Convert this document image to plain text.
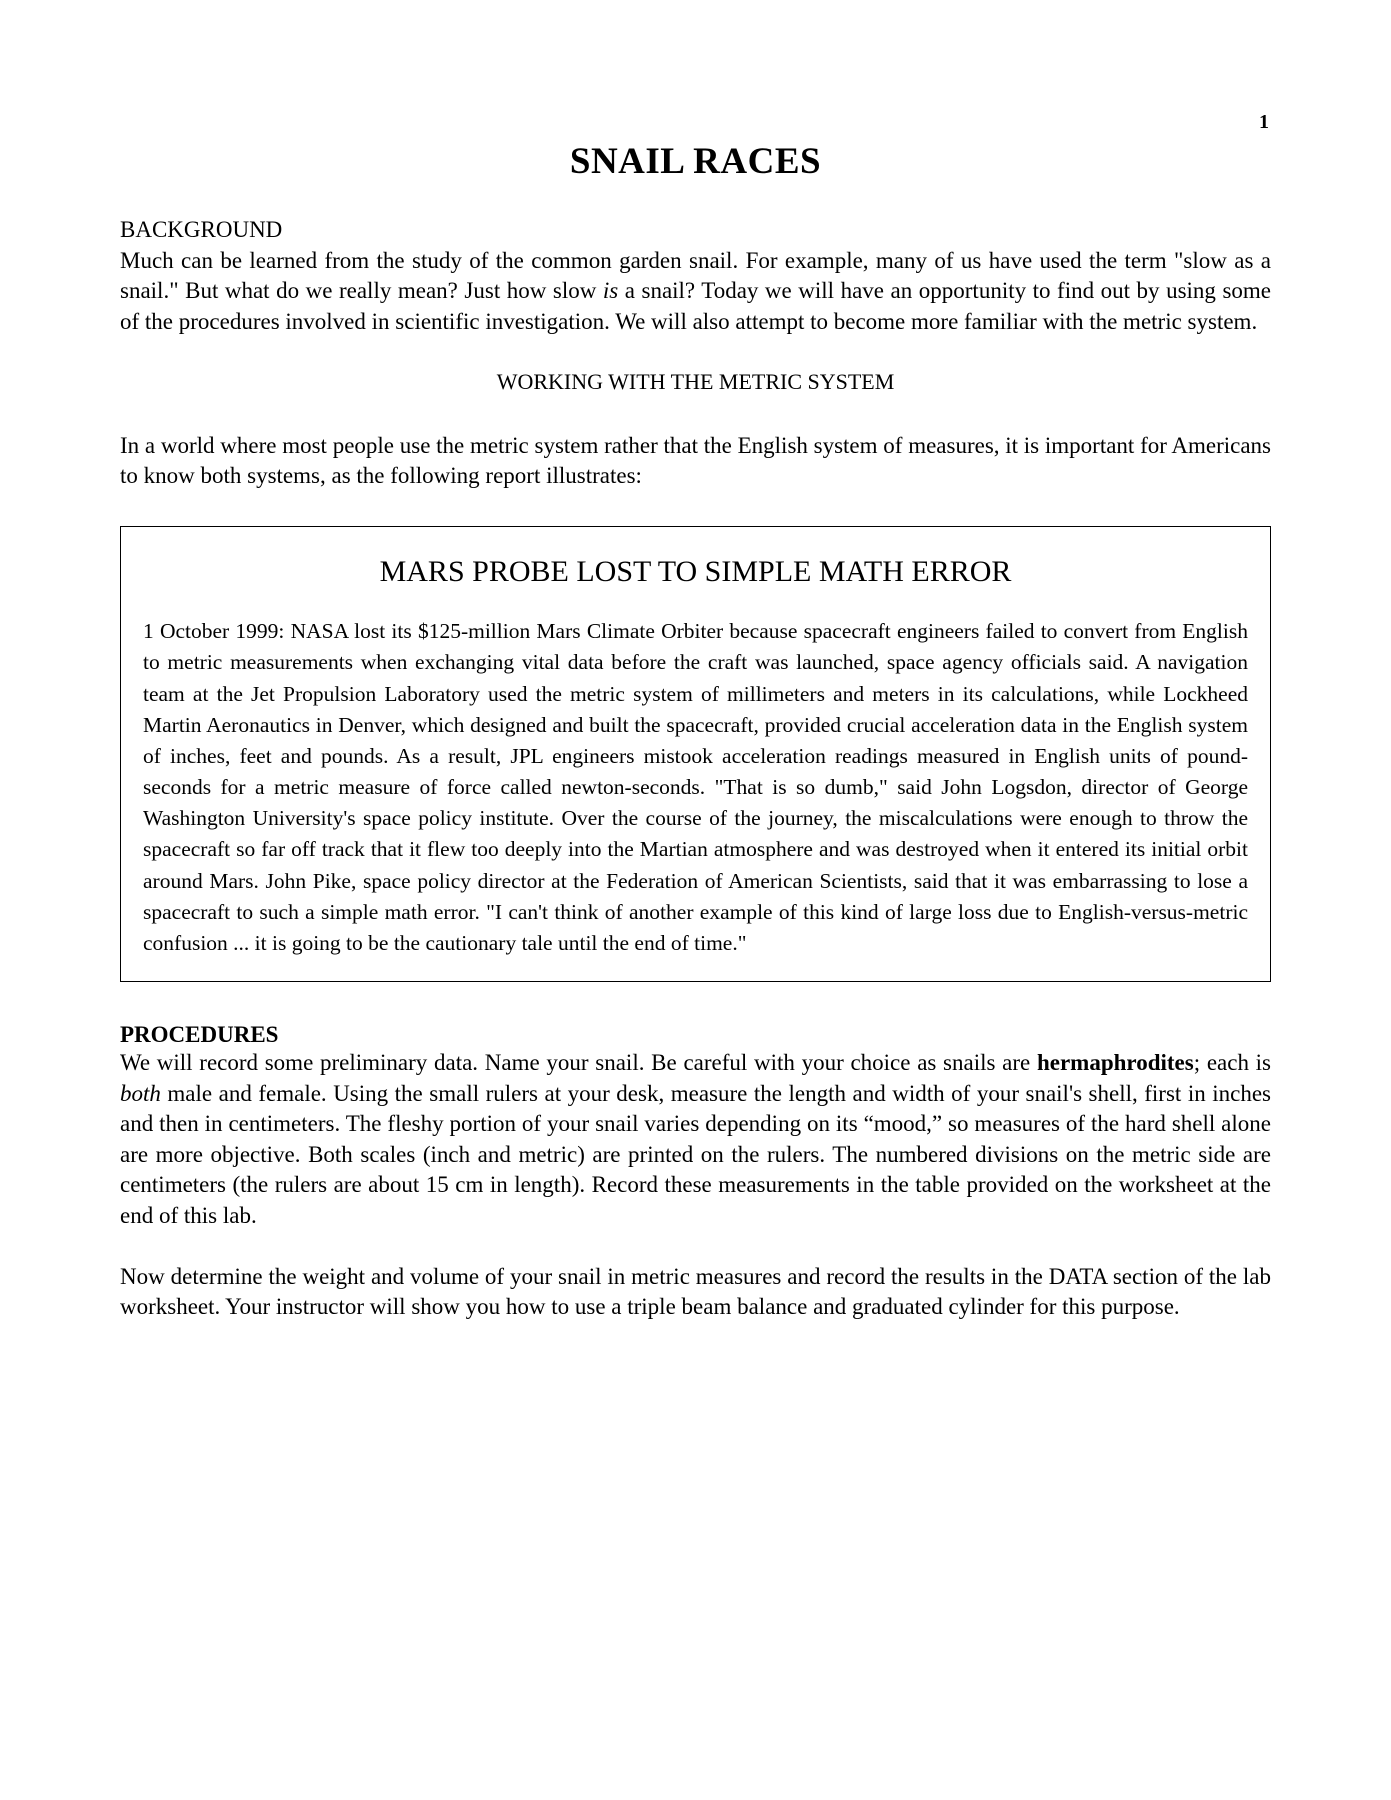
1
SNAIL RACES
BACKGROUND

Much can be learned from the study of the common garden snail. For example, many of us have used the term "slow as a snail." But what do we really mean? Just how slow is a snail? Today we will have an opportunity to find out by using some of the procedures involved in scientific investigation. We will also attempt to become more familiar with the metric system.

WORKING WITH THE METRIC SYSTEM

In a world where most people use the metric system rather that the English system of measures, it is important for Americans to know both systems, as the following report illustrates:

MARS PROBE LOST TO SIMPLE MATH ERROR

1 October 1999: NASA lost its $125-million Mars Climate Orbiter because spacecraft engineers failed to convert from English to metric measurements when exchanging vital data before the craft was launched, space agency officials said. A navigation team at the Jet Propulsion Laboratory used the metric system of millimeters and meters in its calculations, while Lockheed Martin Aeronautics in Denver, which designed and built the spacecraft, provided crucial acceleration data in the English system of inches, feet and pounds. As a result, JPL engineers mistook acceleration readings measured in English units of pound-seconds for a metric measure of force called newton-seconds. "That is so dumb," said John Logsdon, director of George Washington University's space policy institute. Over the course of the journey, the miscalculations were enough to throw the spacecraft so far off track that it flew too deeply into the Martian atmosphere and was destroyed when it entered its initial orbit around Mars. John Pike, space policy director at the Federation of American Scientists, said that it was embarrassing to lose a spacecraft to such a simple math error. "I can't think of another example of this kind of large loss due to English-versus-metric confusion ... it is going to be the cautionary tale until the end of time."

PROCEDURES

We will record some preliminary data. Name your snail. Be careful with your choice as snails are hermaphrodites; each is both male and female. Using the small rulers at your desk, measure the length and width of your snail's shell, first in inches and then in centimeters. The fleshy portion of your snail varies depending on its “mood,” so measures of the hard shell alone are more objective. Both scales (inch and metric) are printed on the rulers. The numbered divisions on the metric side are centimeters (the rulers are about 15 cm in length). Record these measurements in the table provided on the worksheet at the end of this lab.

Now determine the weight and volume of your snail in metric measures and record the results in the DATA section of the lab worksheet. Your instructor will show you how to use a triple beam balance and graduated cylinder for this purpose.
